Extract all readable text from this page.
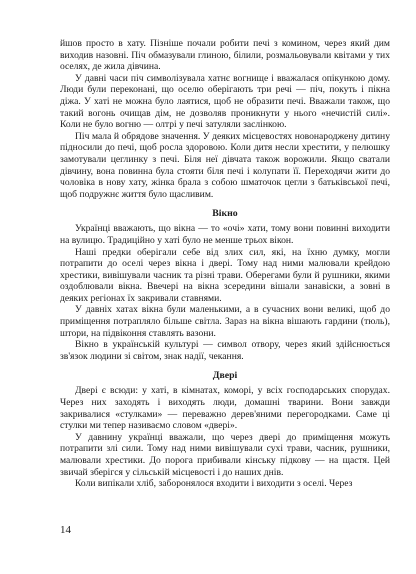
йшов просто в хату. Пізніше почали робити печі з комином, через який дим виходив назовні. Піч обмазували глиною, білили, розмальовували квітами у тих оселях, де жила дівчина.

У давні часи піч символізувала хатнє вогнище і вважалася опікункою дому. Люди були переконані, що оселю оберігають три речі — піч, покуть і пікна діжа. У хаті не можна було лаятися, щоб не образити печі. Вважали також, що такий вогонь очищав дім, не дозволяв проникнути у нього «нечистій силі». Коли не було вогню — олтрі у печі затуляли заслінкою.

Піч мала й обрядове значення. У деяких місцевостях новонароджену дитину підносили до печі, щоб росла здоровою. Коли дитя несли хрестити, у пелюшку замотували цеглинку з печі. Біля неї дівчата також ворожили. Якщо сватали дівчину, вона повинна була стояти біля печі і колупати її. Переходячи жити до чоловіка в нову хату, жінка брала з собою шматочок цегли з батьківської печі, щоб подружнє життя було щасливим.

Вікно

Українці вважають, що вікна — то «очі» хати, тому вони повинні виходити на вулицю. Традиційно у хаті було не менше трьох вікон.

Наші предки оберігали себе від злих сил, які, на їхню думку, могли потрапити до оселі через вікна і двері. Тому над ними малювали крейдою хрестики, вивішували часник та різні трави. Оберегами були й рушники, якими оздоблювали вікна. Ввечері на вікна зсередини вішали занавіски, а зовні в деяких регіонах їх закривали ставнями.

У давніх хатах вікна були маленькими, а в сучасних вони великі, щоб до приміщення потрапляло більше світла. Зараз на вікна вішають гардини (тюль), штори, на підвіконня ставлять вазони.

Вікно в українській культурі — символ отвору, через який здійснюється зв'язок людини зі світом, знак надії, чекання.

Двері

Двері є всюди: у хаті, в кімнатах, коморі, у всіх господарських спорудах. Через них заходять і виходять люди, домашні тварини. Вони завжди закривалися «стулками» — переважно дерев'яними перегородками. Саме ці стулки ми тепер називаємо словом «двері».

У давнину українці вважали, що через двері до приміщення можуть потрапити злі сили. Тому над ними вивішували сухі трави, часник, рушники, малювали хрестики. До порога прибивали кінську підкову — на щастя. Цей звичай зберігся у сільській місцевості і до наших днів.

Коли випікали хліб, заборонялося входити і виходити з оселі. Через

14
